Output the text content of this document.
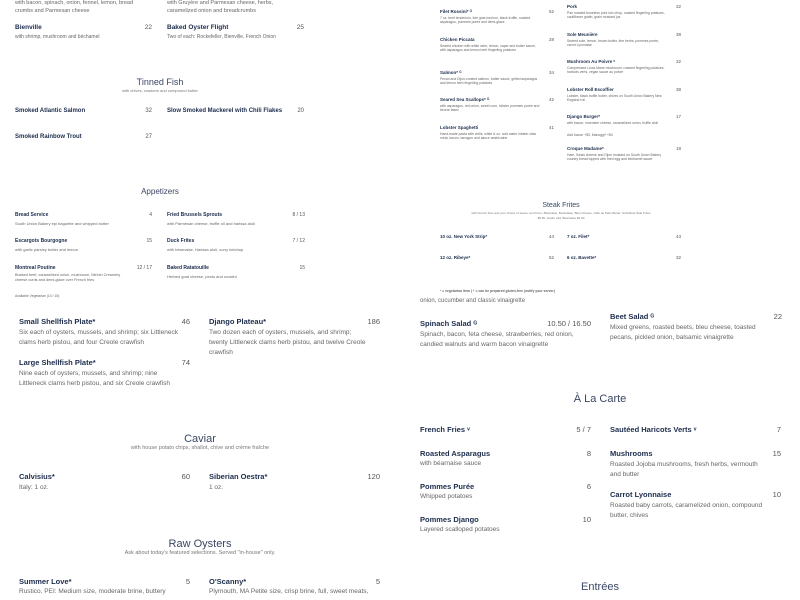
with bacon, spinach, onion, fennel, lemon, bread
crumbs and Parmesan cheese
with Gruyère and Parmesan cheese, herbs,
caramelized onion and breadcrumbs
Bienville	22
with shrimp, mushroom and béchamel
Baked Oyster Flight	25
Two of each: Rockefeller, Bienville, French Onion
Tinned Fish
with chives, crackers and compound butter
Smoked Atlantic Salmon	32	Slow Smoked Mackerel with Chili Flakes	20
Smoked Rainbow Trout	27
Filet Rossini* ᴳ	52
7 oz. beef tenderloin, foie gras torchon, black truffle, roasted asparagus, pommes purée and demi-glace
Chicken Piccata	28
Seared chicken with white wine, lemon, caper and butter sauce, with asparagus and lemon herb fingerling potatoes
Salmon* ᴳ	34
Pecan and Dijon-crusted salmon, butter sauce, grilled asparagus and lemon herb fingerling potatoes
Seared Sea Scallops* ᴳ	42
with asparagus, red onion, sweet corn, lobster pommes purée and beurre blanc
Lobster Spaghetti	41
Hand-made pasta with chilis, white & oz. cold water lobster claw meat, bacon, tarragon and sauce américaine
Pork	32
Pan roasted boneless pork loin chop, roasted fingerling potatoes, cauliflower gratin, grain mustard jus
Sole Meunière	38
Seared sole, lemon, brown butter, fine herbs, pommes purée, carrot Lyonnaise
Mushroom Au Poivre ᵛ	32
Compressed Lions Mane mushroom, roasted fingerling potatoes, haricots verts, vegan sauce au poivre
Lobster Roll Escoffier	38
Lobster, black truffle butter, chives on South Union Bakery New England roll
Django Burger*	17
with bacon, muenster cheese, caramelized onion, truffle aïoli
Add bacon +$3, Manoggi* +$4
Croque Madame*	18
Ham, Swiss cheese and Dijon mustard on South Union Bakery country bread topped with fried egg and béchamel sauce
Appetizers
Bread Service	4
South Union Bakery epi baguette and whipped butter
Fried Brussels Sprouts	8 / 13
with Parmesan cheese, truffle oil and harissa aïoli
Escargots Bourgogne	15
with garlic parsley butter and lemon
Duck Frites	7 / 12
with béarnaise, Harissa aïoli, curry ketchup
Montreal Poutine	12 / 17
Braised beef, caramelized onion, mushroom, Mirloin Creamery cheese curds and demi-glace over French fries
Available Vegetarian (10 / 15)
Baked Ratatouille	15
Herbed goat cheese, pesto and crostini
Steak Frites
with French fries and your choice of sauce: au Poivre, Béarnaise, Bordelaise, Bleu Cheese, Café de Paris Butter. Substitute Side Frites $5.50, Gratin +$4, Béarnaise $3.00
10 oz. New York Strip*	44	7 oz. Filet*	43
12 oz. Ribeye*	52	6 oz. Bavette*	32
ᵛ = vegetarian item | ᴳ = can be prepared gluten-free (notify your server)
onion, cucumber and classic vinaigrette
Beet Salad ᴳ	22
Mixed greens, roasted beets, bleu cheese, toasted pecans, pickled onion, balsamic vinaigrette
Spinach Salad ᴳ	10.50 / 16.50
Spinach, bacon, feta cheese, strawberries, red onion, candied walnuts and warm bacon vinaigrette
À La Carte
French Fries ᵛ	5 / 7	Sautéed Haricots Verts ᵛ	7
Roasted Asparagus	8
with béarnaise sauce
Mushrooms	15
Roasted Jojoba mushrooms, fresh herbs, vermouth and butter
Pommes Purée	6
Whipped potatoes	Carrot Lyonnaise	10
Roasted baby carrots, caramelized onion, compound butter, chives
Pommes Django	10
Layered scalloped potatoes
Entrées
Small Shellfish Plate*	46
Six each of oysters, mussels, and shrimp; six Littleneck clams herb pistou, and four Creole crawfish
Django Plateau*	186
Two dozen each of oysters, mussels, and shrimp; twenty Littleneck clams herb pistou, and twelve Creole crawfish
Large Shellfish Plate*	74
Nine each of oysters, mussels, and shrimp; nine Littleneck clams herb pistou, and six Creole crawfish
Caviar
with house potato chips, shallot, chive and crème fraîche
Calvisius*	60
Italy: 1 oz.
Siberian Oestra*	120
1 oz.
Raw Oysters
Ask about today's featured selections. Served "in-house" only.
Summer Love*	5
Rustico, PEI: Medium size, moderate brine, buttery
O'Scanny*	5
Plymouth, MA Petite size, crisp brine, full, sweet meats,
